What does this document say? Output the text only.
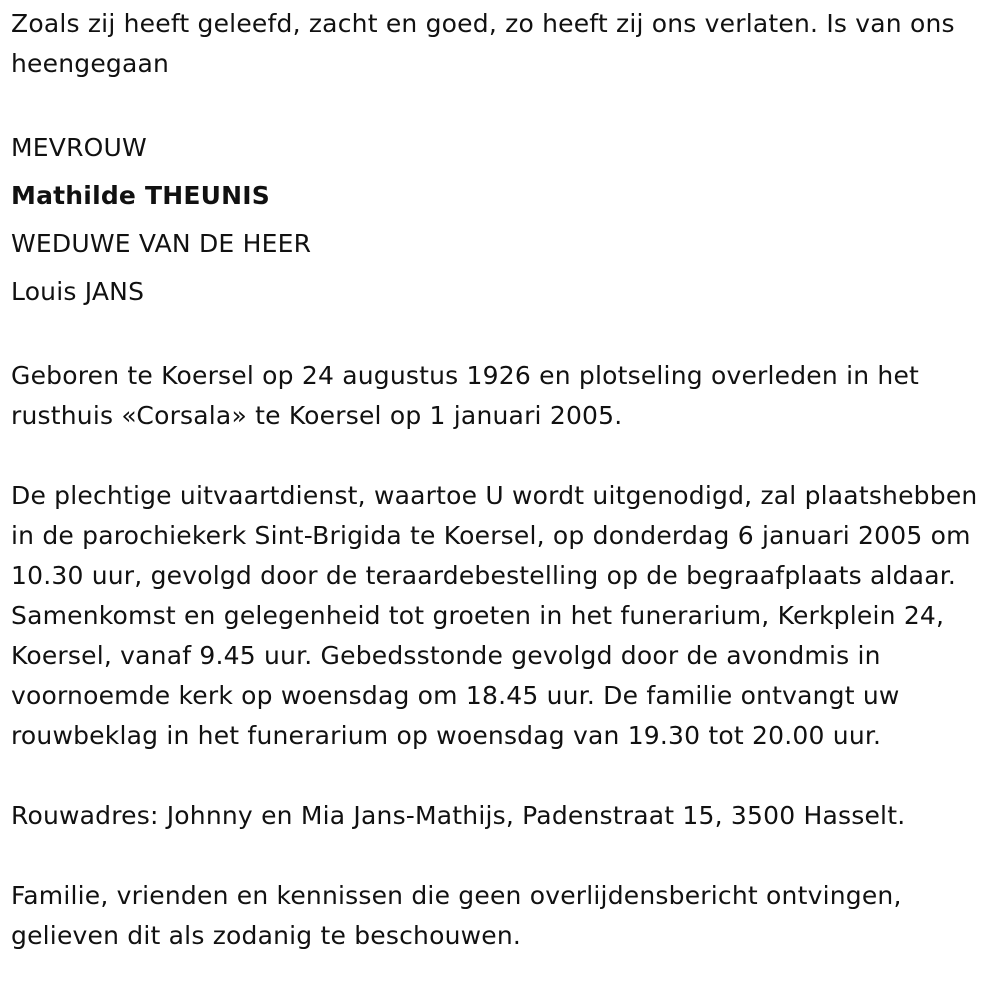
Zoals zij heeft geleefd, zacht en goed, zo heeft zij ons verlaten. Is van ons heengegaan

MEVROUW

Mathilde THEUNIS

WEDUWE VAN DE HEER

Louis JANS

Geboren te Koersel op 24 augustus 1926 en plotseling overleden in het rusthuis «Corsala» te Koersel op 1 januari 2005.

De plechtige uitvaartdienst, waartoe U wordt uitgenodigd, zal plaatshebben in de parochiekerk Sint-Brigida te Koersel, op donderdag 6 januari 2005 om 10.30 uur, gevolgd door de teraardebestelling op de begraafplaats aldaar. Samenkomst en gelegenheid tot groeten in het funerarium, Kerkplein 24, Koersel, vanaf 9.45 uur. Gebedsstonde gevolgd door de avondmis in voornoemde kerk op woensdag om 18.45 uur. De familie ontvangt uw rouwbeklag in het funerarium op woensdag van 19.30 tot 20.00 uur.

Rouwadres: Johnny en Mia Jans-Mathijs, Padenstraat 15, 3500 Hasselt.

Familie, vrienden en kennissen die geen overlijdensbericht ontvingen, gelieven dit als zodanig te beschouwen.
